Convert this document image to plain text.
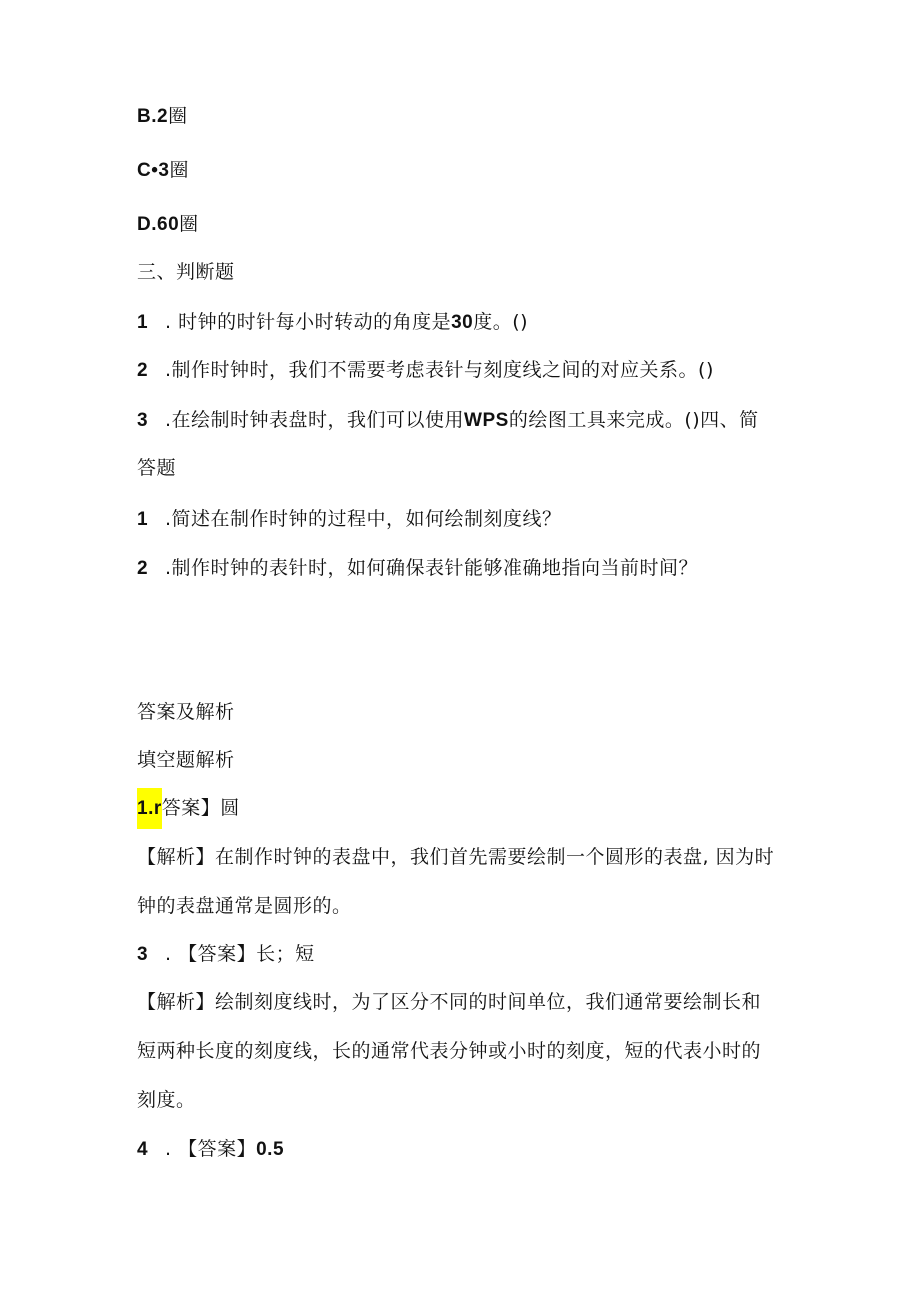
B.2圈
C•3圈
D.60圈
三、判断题
1 . 时钟的时针每小时转动的角度是30度。()
2 .制作时钟时，我们不需要考虑表针与刻度线之间的对应关系。()
3 .在绘制时钟表盘时，我们可以使用WPS的绘图工具来完成。()四、简
答题
1 .简述在制作时钟的过程中，如何绘制刻度线？
2 .制作时钟的表针时，如何确保表针能够准确地指向当前时间？
答案及解析
填空题解析
1.r答案】圆
【解析】在制作时钟的表盘中，我们首先需要绘制一个圆形的表盘, 因为时
钟的表盘通常是圆形的。
3 . 【答案】长；短
【解析】绘制刻度线时，为了区分不同的时间单位，我们通常要绘制长和
短两种长度的刻度线，长的通常代表分钟或小时的刻度，短的代表小时的
刻度。
4 . 【答案】0.5
